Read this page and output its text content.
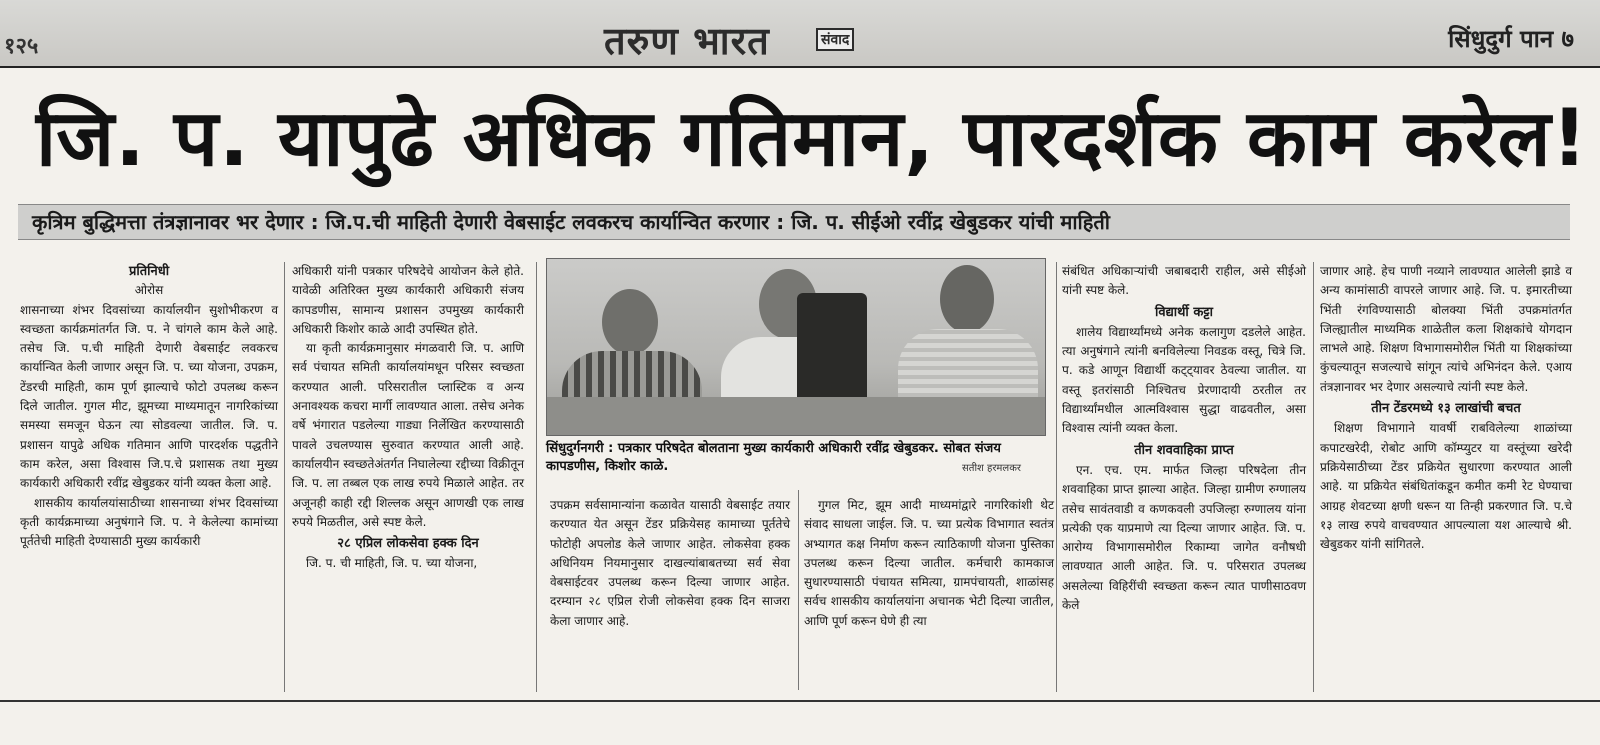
१२५	तरुण भारत	संवाद	सिंधुदुर्ग पान ७
जि. प. यापुढे अधिक गतिमान, पारदर्शक काम करेल!
कृत्रिम बुद्धिमत्ता तंत्रज्ञानावर भर देणार : जि.प.ची माहिती देणारी वेबसाईट लवकरच कार्यान्वित करणार : जि. प. सीईओ रवींद्र खेबुडकर यांची माहिती
प्रतिनिधी
ओरोस

शासनाच्या शंभर दिवसांच्या कार्यालयीन सुशोभीकरण व स्वच्छता कार्यक्रमांतर्गत जि. प. ने चांगले काम केले आहे. तसेच जि. प.ची माहिती देणारी वेबसाईट लवकरच कार्यान्वित केली जाणार असून जि. प. च्या योजना, उपक्रम, टेंडरची माहिती, काम पूर्ण झाल्याचे फोटो उपलब्ध करून दिले जातील. गुगल मीट, झूमच्या माध्यमातून नागरिकांच्या समस्या समजून घेऊन त्या सोडवल्या जातील. जि. प. प्रशासन यापुढे अधिक गतिमान आणि पारदर्शक पद्धतीने काम करेल, असा विश्वास जि.प.चे प्रशासक तथा मुख्य कार्यकारी अधिकारी रवींद्र खेबुडकर यांनी व्यक्त केला आहे.

शासकीय कार्यालयांसाठीच्या शासनाच्या शंभर दिवसांच्या कृती कार्यक्रमाच्या अनुषंगाने जि. प. ने केलेल्या कामांच्या पूर्ततेची माहिती देण्यासाठी मुख्य कार्यकारी

अधिकारी यांनी पत्रकार परिषदेचे आयोजन केले होते. यावेळी अतिरिक्त मुख्य कार्यकारी अधिकारी संजय कापडणीस, सामान्य प्रशासन उपमुख्य कार्यकारी अधिकारी किशोर काळे आदी उपस्थित होते.

या कृती कार्यक्रमानुसार मंगळवारी जि. प. आणि सर्व पंचायत समिती कार्यालयांमधून परिसर स्वच्छता करण्यात आली. परिसरातील प्लास्टिक व अन्य अनावश्यक कचरा मार्गी लावण्यात आला. तसेच अनेक वर्षे भंगारात पडलेल्या गाड्या निर्लेखित करण्यासाठी पावले उचलण्यास सुरुवात करण्यात आली आहे. कार्यालयीन स्वच्छतेअंतर्गत निघालेल्या रद्दीच्या विक्रीतून जि. प. ला तब्बल एक लाख रुपये मिळाले आहेत. तर अजूनही काही रद्दी शिल्लक असून आणखी एक लाख रुपये मिळतील, असे स्पष्ट केले.

२८ एप्रिल लोकसेवा हक्क दिन

जि. प. ची माहिती, जि. प. च्या योजना,

सिंधुदुर्गनगरी : पत्रकार परिषदेत बोलताना मुख्य कार्यकारी अधिकारी रवींद्र खेबुडकर. सोबत संजय कापडणीस, किशोर काळे.	सतीश हरमलकर

उपक्रम सर्वसामान्यांना कळावेत यासाठी वेबसाईट तयार करण्यात येत असून टेंडर प्रक्रियेसह कामाच्या पूर्ततेचे फोटोही अपलोड केले जाणार आहेत. लोकसेवा हक्क अधिनियम नियमानुसार दाखल्यांबाबतच्या सर्व सेवा वेबसाईटवर उपलब्ध करून दिल्या जाणार आहेत. दरम्यान २८ एप्रिल रोजी लोकसेवा हक्क दिन साजरा केला जाणार आहे.

गुगल मिट, झूम आदी माध्यमांद्वारे नागरिकांशी थेट संवाद साधला जाईल. जि. प. च्या प्रत्येक विभागात स्वतंत्र अभ्यागत कक्ष निर्माण करून त्याठिकाणी योजना पुस्तिका उपलब्ध करून दिल्या जातील. कर्मचारी कामकाज सुधारण्यासाठी पंचायत समित्या, ग्रामपंचायती, शाळांसह सर्वच शासकीय कार्यालयांना अचानक भेटी दिल्या जातील, आणि पूर्ण करून घेणे ही त्या

संबंधित अधिकाऱ्यांची जबाबदारी राहील, असे सीईओ यांनी स्पष्ट केले.

विद्यार्थी कट्टा

शालेय विद्यार्थ्यांमध्ये अनेक कलागुण दडलेले आहेत. त्या अनुषंगाने त्यांनी बनविलेल्या निवडक वस्तू, चित्रे जि. प. कडे आणून विद्यार्थी कट्ट्यावर ठेवल्या जातील. या वस्तू इतरांसाठी निश्चितच प्रेरणादायी ठरतील तर विद्यार्थ्यांमधील आत्मविश्वास सुद्धा वाढवतील, असा विश्वास त्यांनी व्यक्त केला.

तीन शववाहिका प्राप्त

एन. एच. एम. मार्फत जिल्हा परिषदेला तीन शववाहिका प्राप्त झाल्या आहेत. जिल्हा ग्रामीण रुग्णालय तसेच सावंतवाडी व कणकवली उपजिल्हा रुग्णालय यांना प्रत्येकी एक याप्रमाणे त्या दिल्या जाणार आहेत. जि. प. आरोग्य विभागासमोरील रिकाम्या जागेत वनौषधी लावण्यात आली आहेत. जि. प. परिसरात उपलब्ध असलेल्या विहिरींची स्वच्छता करून त्यात पाणीसाठवण केले

जाणार आहे. हेच पाणी नव्याने लावण्यात आलेली झाडे व अन्य कामांसाठी वापरले जाणार आहे. जि. प. इमारतीच्या भिंती रंगविण्यासाठी बोलक्या भिंती उपक्रमांतर्गत जिल्ह्यातील माध्यमिक शाळेतील कला शिक्षकांचे योगदान लाभले आहे. शिक्षण विभागासमोरील भिंती या शिक्षकांच्या कुंचल्यातून सजल्याचे सांगून त्यांचे अभिनंदन केले. एआय तंत्रज्ञानावर भर देणार असल्याचे त्यांनी स्पष्ट केले.

तीन टेंडरमध्ये १३ लाखांची बचत

शिक्षण विभागाने यावर्षी राबविलेल्या शाळांच्या कपाटखरेदी, रोबोट आणि कॉम्प्युटर या वस्तूंच्या खरेदी प्रक्रियेसाठीच्या टेंडर प्रक्रियेत सुधारणा करण्यात आली आहे. या प्रक्रियेत संबंधितांकडून कमीत कमी रेट घेण्याचा आग्रह शेवटच्या क्षणी धरून या तिन्ही प्रकरणात जि. प.चे १३ लाख रुपये वाचवण्यात आपल्याला यश आल्याचे श्री. खेबुडकर यांनी सांगितले.
